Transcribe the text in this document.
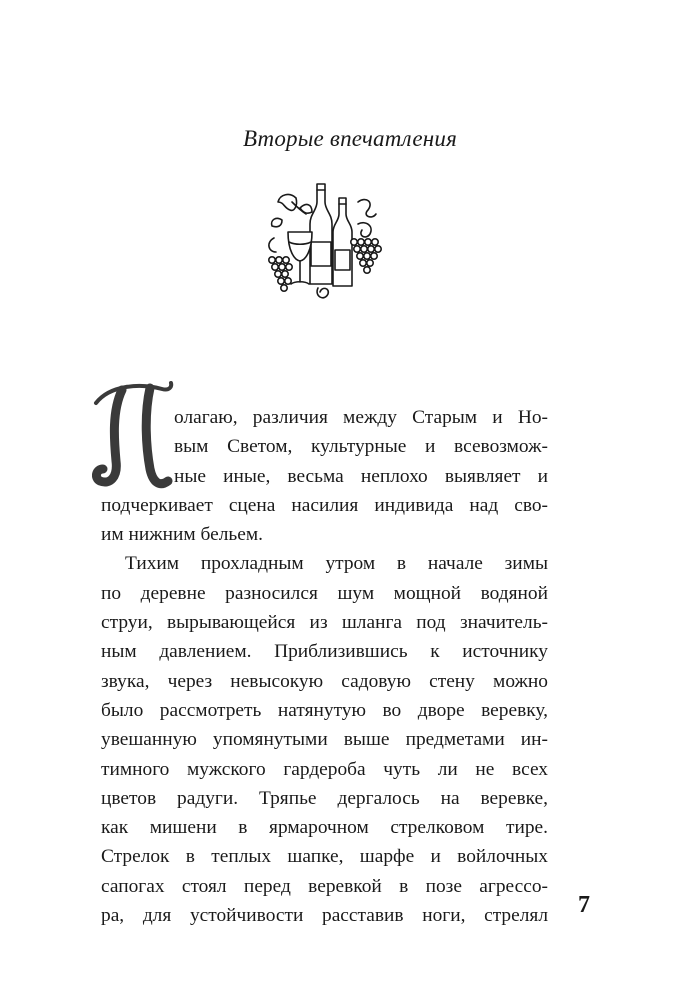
Вторые впечатления
олагаю, различия между Старым и Но-
вым Светом, культурные и всевозмож-
ные иные, весьма неплохо выявляет и
подчеркивает сцена насилия индивида над сво-
им нижним бельем.
Тихим прохладным утром в начале зимы
по деревне разносился шум мощной водяной
струи, вырывающейся из шланга под значитель-
ным давлением. Приблизившись к источнику
звука, через невысокую садовую стену можно
было рассмотреть натянутую во дворе веревку,
увешанную упомянутыми выше предметами ин-
тимного мужского гардероба чуть ли не всех
цветов радуги. Тряпье дергалось на веревке,
как мишени в ярмарочном стрелковом тире.
Стрелок в теплых шапке, шарфе и войлочных
сапогах стоял перед веревкой в позе агрессо-
ра, для устойчивости расставив ноги, стрелял 7
